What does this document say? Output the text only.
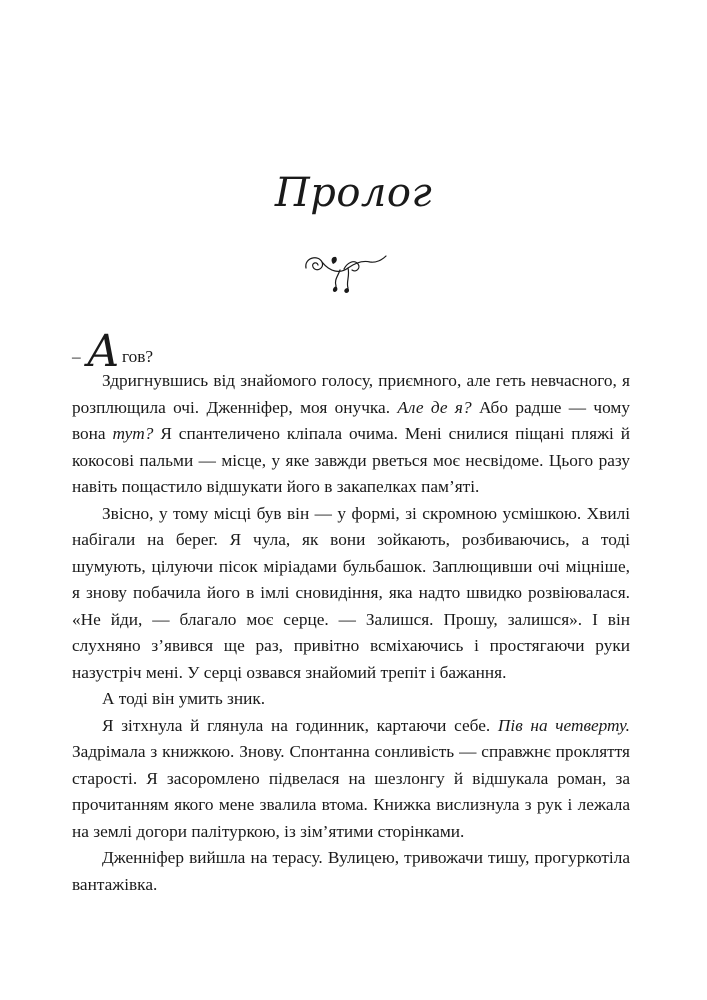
Пролог
– А гов?

Здригнувшись від знайомого голосу, приємного, але геть невчасного, я розплющила очі. Дженніфер, моя онучка. Але де я? Або радше — чому вона тут? Я спантеличено кліпала очима. Мені снилися піщані пляжі й кокосові пальми — місце, у яке завжди рветься моє несвідоме. Цього разу навіть пощастило відшукати його в закапелках пам’яті.

Звісно, у тому місці був він — у формі, зі скромною усмішкою. Хвилі набігали на берег. Я чула, як вони зойкають, розбиваючись, а тоді шумують, цілуючи пісок міріадами бульбашок. Заплющивши очі міцніше, я знову побачила його в імлі сновидіння, яка надто швидко розвіювалася. «Не йди, — благало моє серце. — Залишся. Прошу, залишся». І він слухняно з’явився ще раз, привітно всміхаючись і простягаючи руки назустріч мені. У серці озвався знайомий трепіт і бажання.

А тоді він умить зник.

Я зітхнула й глянула на годинник, картаючи себе. Пів на четверту. Задрімала з книжкою. Знову. Спонтанна сонливість — справжнє прокляття старості. Я засоромлено підвелася на шезлонгу й відшукала роман, за прочитанням якого мене звалила втома. Книжка вислизнула з рук і лежала на землі догори палітуркою, із зім’ятими сторінками.

Дженніфер вийшла на терасу. Вулицею, тривожачи тишу, прогуркотіла вантажівка.
